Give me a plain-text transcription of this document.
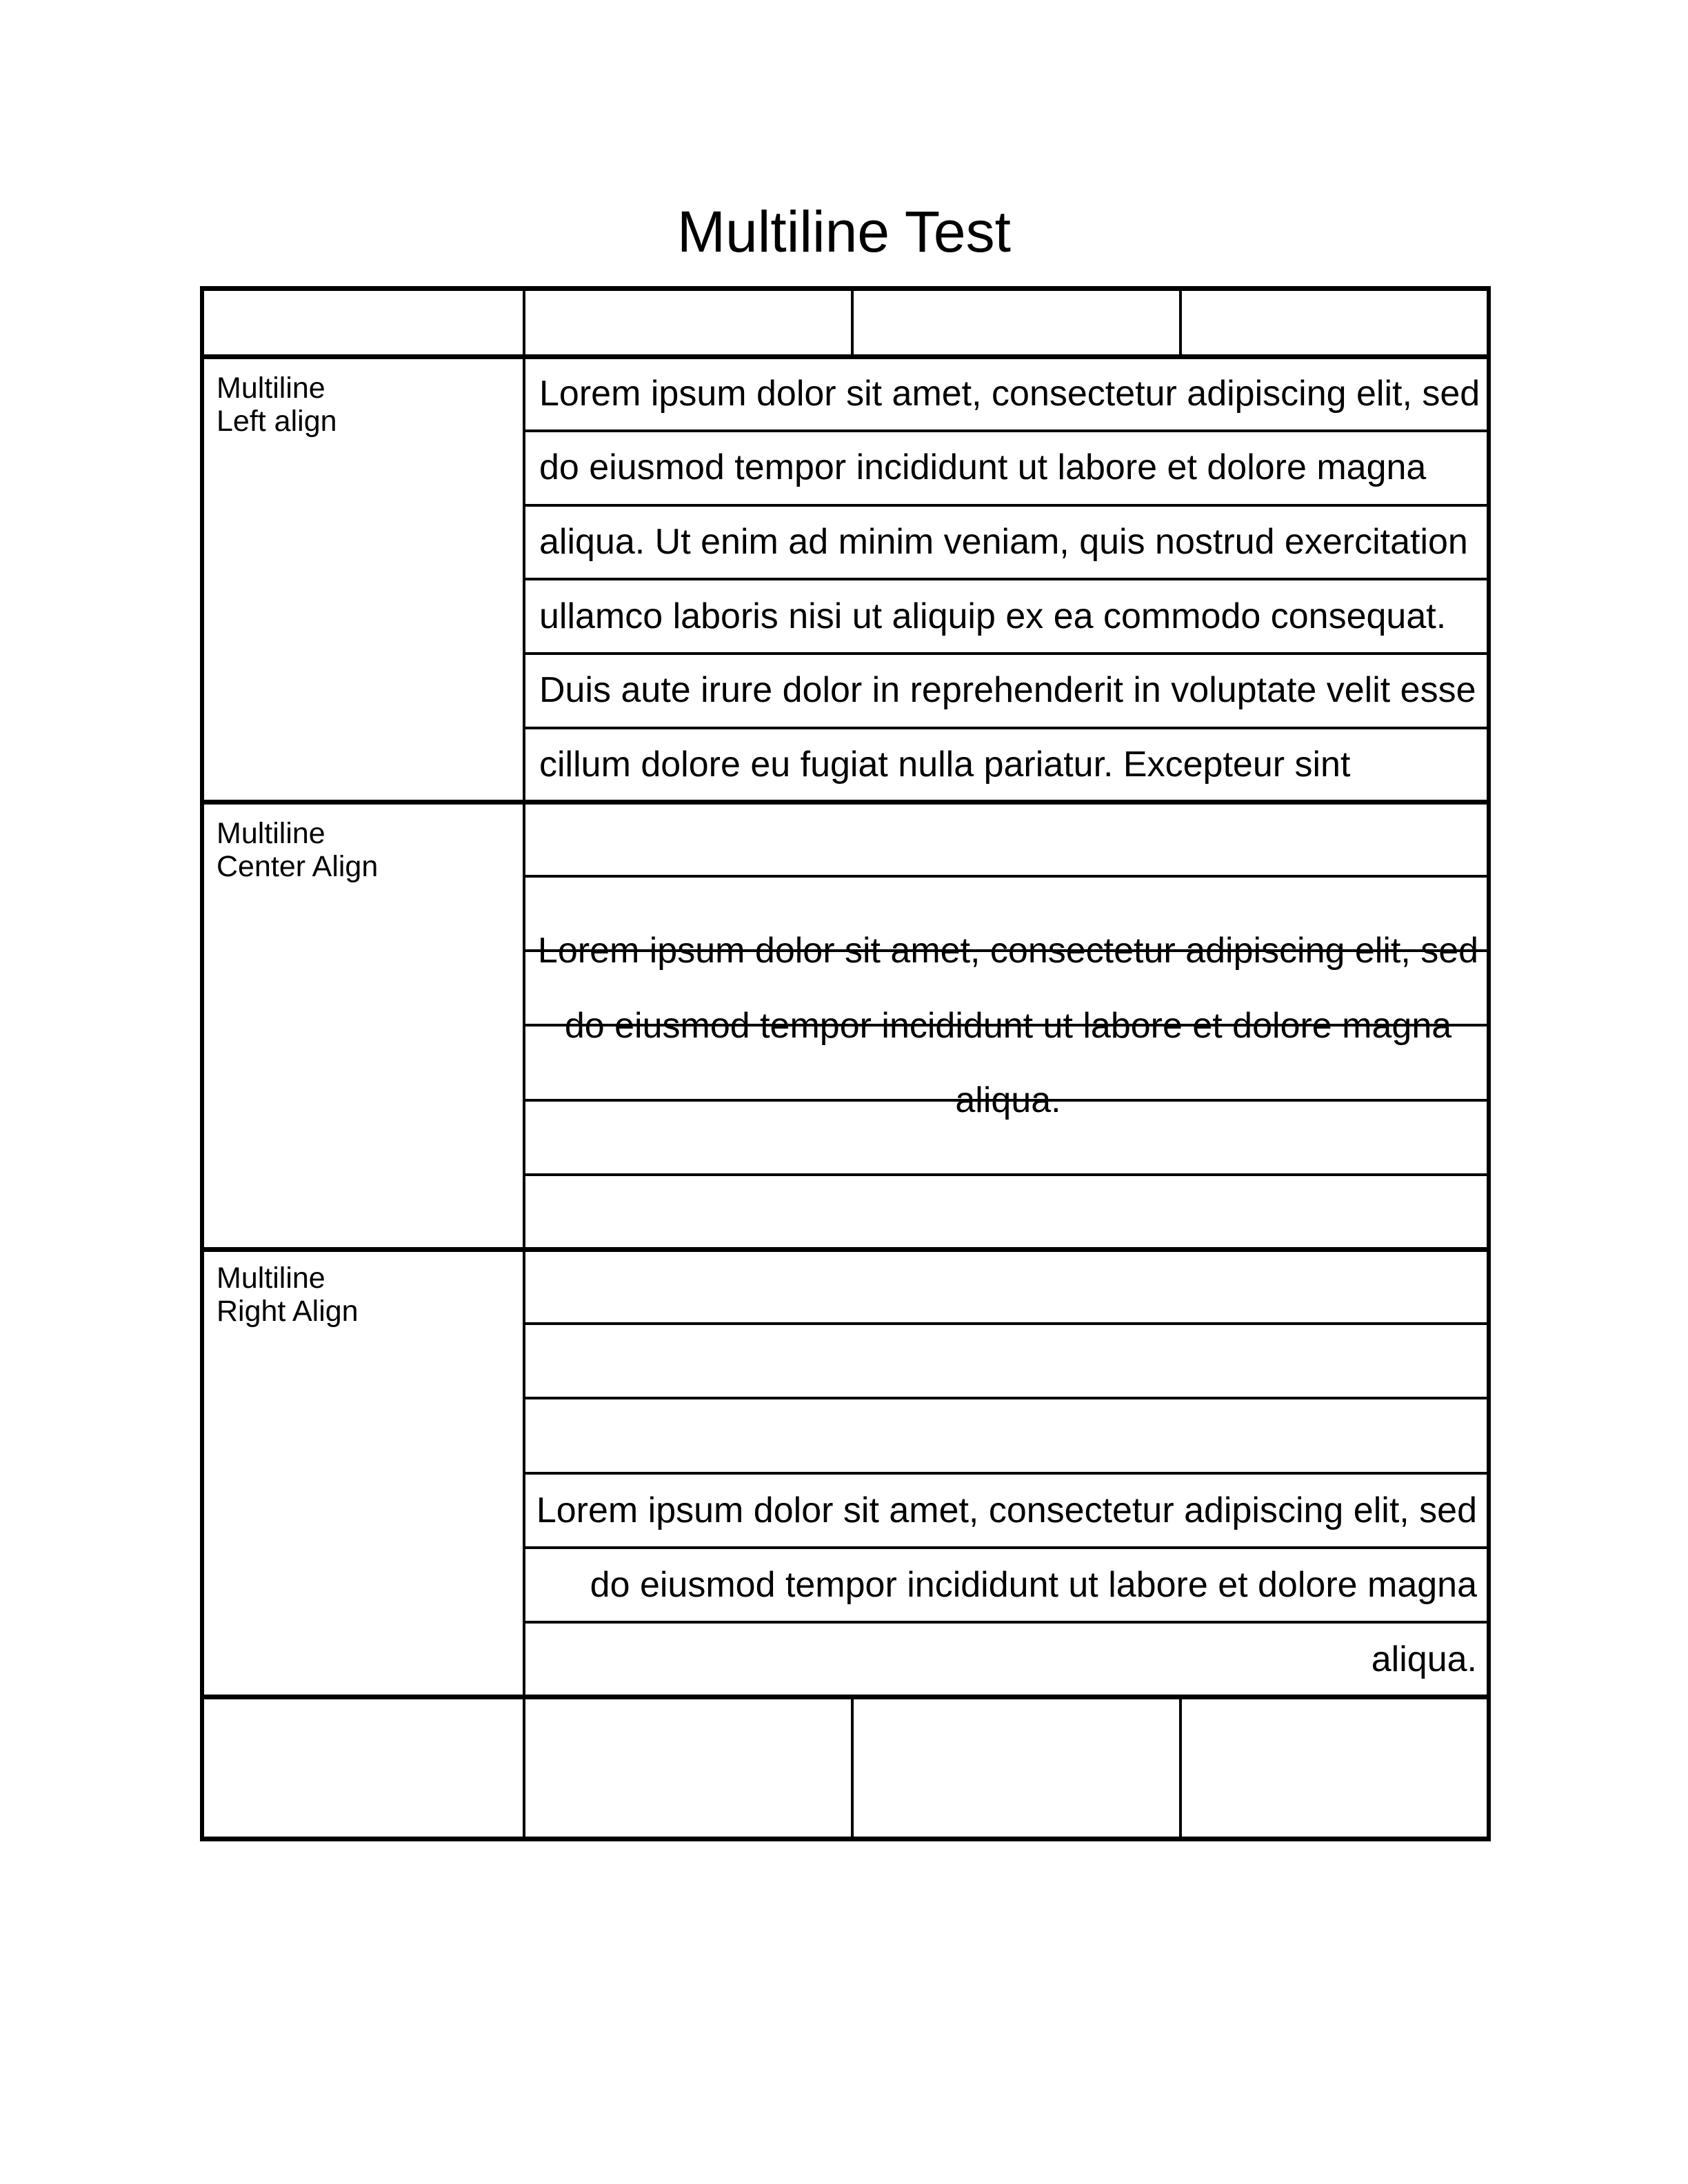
Multiline Test
Multiline
Left align
Multiline
Center Align
Multiline
Right Align
Lorem ipsum dolor sit amet, consectetur adipiscing elit, sed
do eiusmod tempor incididunt ut labore et dolore magna
aliqua. Ut enim ad minim veniam, quis nostrud exercitation
ullamco laboris nisi ut aliquip ex ea commodo consequat.
Duis aute irure dolor in reprehenderit in voluptate velit esse
cillum dolore eu fugiat nulla pariatur. Excepteur sint
Lorem ipsum dolor sit amet, consectetur adipiscing elit, sed
do eiusmod tempor incididunt ut labore et dolore magna
aliqua.
Lorem ipsum dolor sit amet, consectetur adipiscing elit, sed
do eiusmod tempor incididunt ut labore et dolore magna
aliqua.
